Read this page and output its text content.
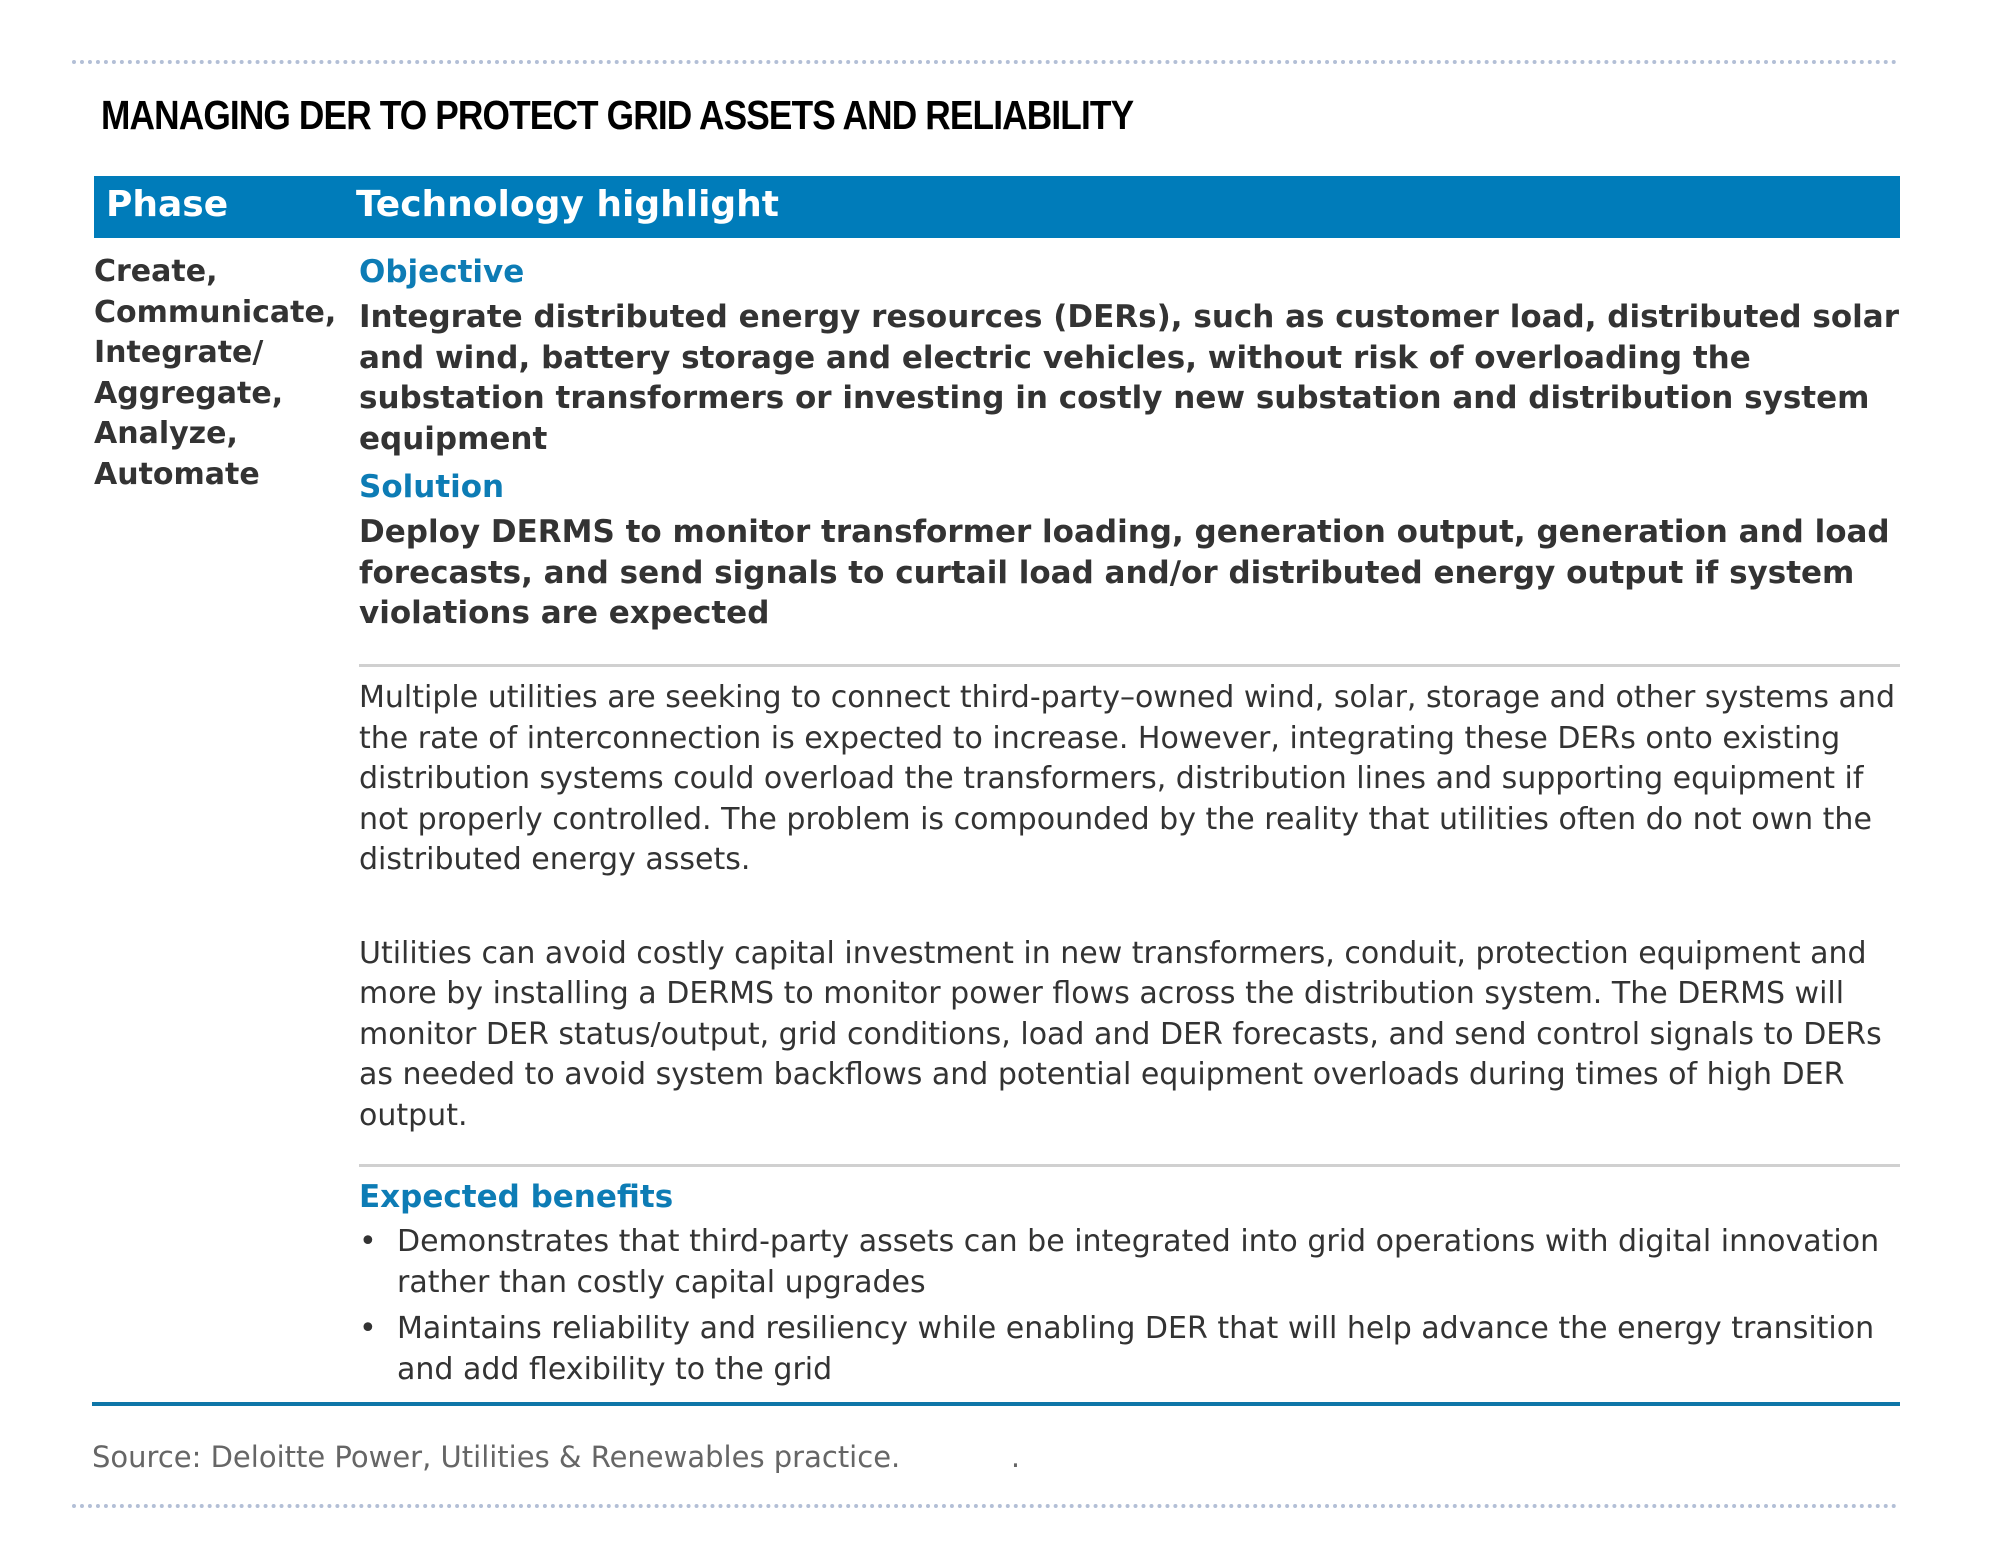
MANAGING DER TO PROTECT GRID ASSETS AND RELIABILITY
Phase	Technology highlight
Create,
Communicate,
Integrate/
Aggregate,
Analyze,
Automate
Objective
Integrate distributed energy resources (DERs), such as customer load, distributed solar and wind, battery storage and electric vehicles, without risk of overloading the substation transformers or investing in costly new substation and distribution system equipment
Solution
Deploy DERMS to monitor transformer loading, generation output, generation and load forecasts, and send signals to curtail load and/or distributed energy output if system violations are expected
Multiple utilities are seeking to connect third-party–owned wind, solar, storage and other systems and the rate of interconnection is expected to increase. However, integrating these DERs onto existing distribution systems could overload the transformers, distribution lines and supporting equipment if not properly controlled. The problem is compounded by the reality that utilities often do not own the distributed energy assets.
Utilities can avoid costly capital investment in new transformers, conduit, protection equipment and more by installing a DERMS to monitor power flows across the distribution system. The DERMS will monitor DER status/output, grid conditions, load and DER forecasts, and send control signals to DERs as needed to avoid system backflows and potential equipment overloads during times of high DER output.
Expected benefits
• Demonstrates that third-party assets can be integrated into grid operations with digital innovation rather than costly capital upgrades
• Maintains reliability and resiliency while enabling DER that will help advance the energy transition and add flexibility to the grid
Source: Deloitte Power, Utilities & Renewables practice.            .
